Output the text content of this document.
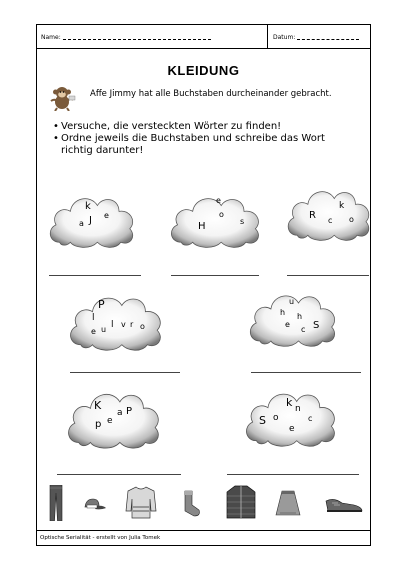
Name:	Datum:
KLEIDUNG
Affe Jimmy hat alle Buchstaben durcheinander gebracht.
• Versuche, die versteckten Wörter zu finden!
• Ordne jeweils die Buchstaben und schreibe das Wort richtig darunter!
k
J e
a
e
o
H	s
k
R c o
P
l
l v r o
e u
u
h h
e
c S
K
a P
p e
k n
S o	c
e
Optische Serialität - erstellt von Julia Tomek
